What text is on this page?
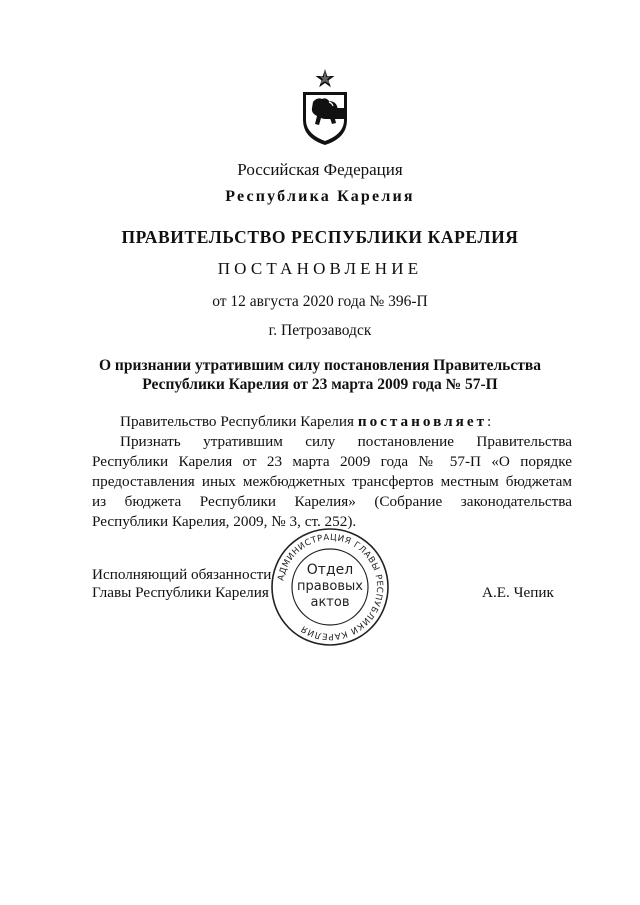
Российская Федерация
Республика Карелия
ПРАВИТЕЛЬСТВО РЕСПУБЛИКИ КАРЕЛИЯ
ПОСТАНОВЛЕНИЕ
от 12 августа 2020 года № 396-П
г. Петрозаводск
О признании утратившим силу постановления Правительства
Республики Карелия от 23 марта 2009 года № 57-П
Правительство Республики Карелия постановляет:
Признать утратившим силу постановление Правительства Республики Карелия от 23 марта 2009 года № 57-П «О порядке предоставления иных межбюджетных трансфертов местным бюджетам из бюджета Республики Карелия» (Собрание законодательства Республики Карелия, 2009, № 3, ст. 252).
Исполняющий обязанности
Главы Республики Карелия
АДМИНИСТРАЦИЯ ГЛАВЫ РЕСПУБЛИКИ КАРЕЛИЯ
Отдел
правовых
актов
А.Е. Чепик
